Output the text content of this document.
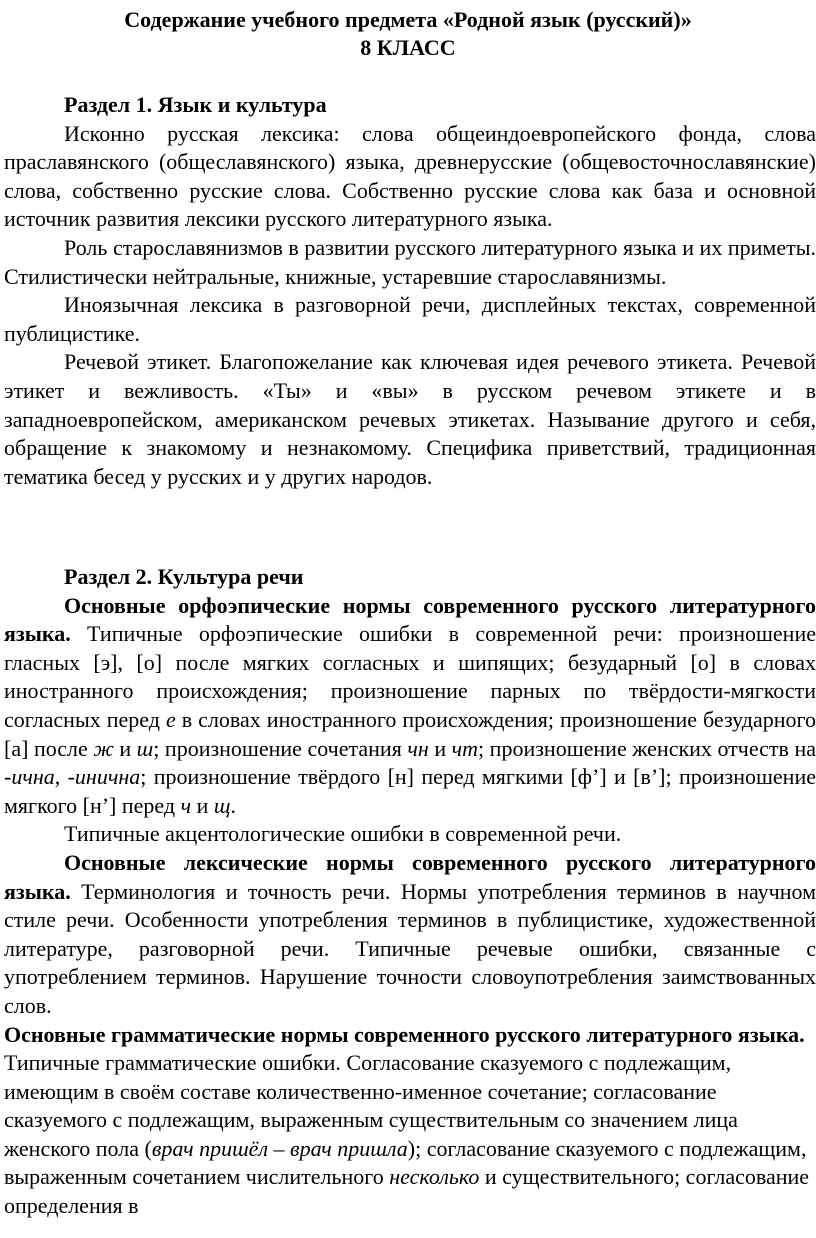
Содержание учебного предмета «Родной язык (русский)»

8 КЛАСС

Раздел 1. Язык и культура

Исконно русская лексика: слова общеиндоевропейского фонда, слова праславянского (общеславянского) языка, древнерусские (общевосточнославянские) слова, собственно русские слова. Собственно русские слова как база и основной источник развития лексики русского литературного языка.

Роль старославянизмов в развитии русского литературного языка и их приметы. Стилистически нейтральные, книжные, устаревшие старославянизмы.

Иноязычная лексика в разговорной речи, дисплейных текстах, современной публицистике.

Речевой этикет. Благопожелание как ключевая идея речевого этикета. Речевой этикет и вежливость. «Ты» и «вы» в русском речевом этикете и в западноевропейском, американском речевых этикетах. Называние другого и себя, обращение к знакомому и незнакомому. Специфика приветствий, традиционная тематика бесед у русских и у других народов.

Раздел 2. Культура речи

Основные орфоэпические нормы современного русского литературного языка. Типичные орфоэпические ошибки в современной речи: произношение гласных [э], [о] после мягких согласных и шипящих; безударный [о] в словах иностранного происхождения; произношение парных по твёрдости-мягкости согласных перед е в словах иностранного происхождения; произношение безударного [а] после ж и ш; произношение сочетания чн и чт; произношение женских отчеств на -ична, -инична; произношение твёрдого [н] перед мягкими [ф’] и [в’]; произношение мягкого [н’] перед ч и щ.

Типичные акцентологические ошибки в современной речи.

Основные лексические нормы современного русского литературного языка. Терминология и точность речи. Нормы употребления терминов в научном стиле речи. Особенности употребления терминов в публицистике, художественной литературе, разговорной речи. Типичные речевые ошибки, связанные с употреблением терминов. Нарушение точности словоупотребления заимствованных слов.

Основные грамматические нормы современного русского литературного языка. Типичные грамматические ошибки. Согласование сказуемого с подлежащим, имеющим в своём составе количественно-именное сочетание; согласование сказуемого с подлежащим, выраженным существительным со значением лица женского пола (врач пришёл – врач пришла); согласование сказуемого с подлежащим, выраженным сочетанием числительного несколько и существительного; согласование определения в
